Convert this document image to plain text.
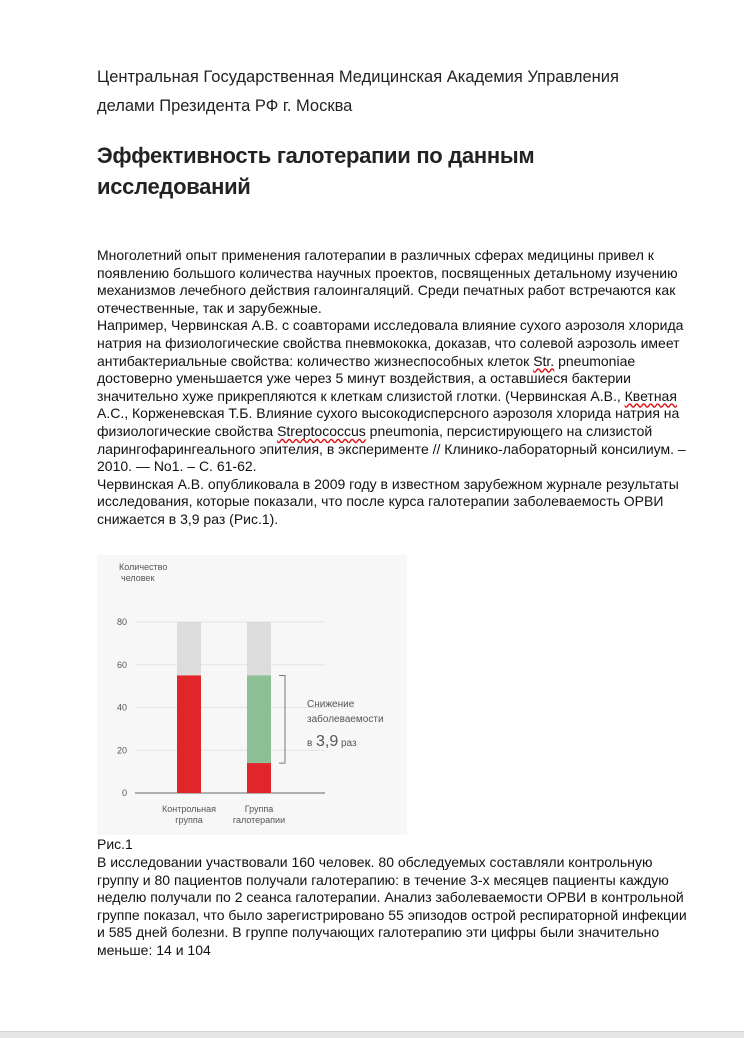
Центральная Государственная Медицинская Академия Управления
делами Президента РФ г. Москва
Эффективность галотерапии по данным исследований

Многолетний опыт применения галотерапии в различных сферах медицины привел к появлению большого количества научных проектов, посвященных детальному изучению механизмов лечебного действия галоингаляций. Среди печатных работ встречаются как отечественные, так и зарубежные.

Например, Червинская А.В. с соавторами исследовала влияние сухого аэрозоля хлорида натрия на физиологические свойства пневмококка, доказав, что солевой аэрозоль имеет антибактериальные свойства: количество жизнеспособных клеток Str. pneumoniae достоверно уменьшается уже через 5 минут воздействия, а оставшиеся бактерии значительно хуже прикрепляются к клеткам слизистой глотки. (Червинская А.В., Кветная А.С., Корженевская Т.Б. Влияние сухого высокодисперсного аэрозоля хлорида натрия на физиологические свойства Streptococcus pneumonia, персистирующего на слизистой ларингофарингеального эпителия, в эксперименте // Клинико-лабораторный консилиум. – 2010. — No1. – С. 61-62.

Червинская А.В. опубликовала в 2009 году в известном зарубежном журнале результаты исследования, которые показали, что после курса галотерапии заболеваемость ОРВИ снижается в 3,9 раз (Рис.1).

Количество
человек
0
20
40
60
80
Контрольная
группа
Группа
галотерапии
Снижение
заболеваемости
в 3,9 раз
Рис.1

В исследовании участвовали 160 человек. 80 обследуемых составляли контрольную группу и 80 пациентов получали галотерапию: в течение 3-х месяцев пациенты каждую неделю получали по 2 сеанса галотерапии. Анализ заболеваемости ОРВИ в контрольной группе показал, что было зарегистрировано 55 эпизодов острой респираторной инфекции и 585 дней болезни. В группе получающих галотерапию эти цифры были значительно меньше: 14 и 104
